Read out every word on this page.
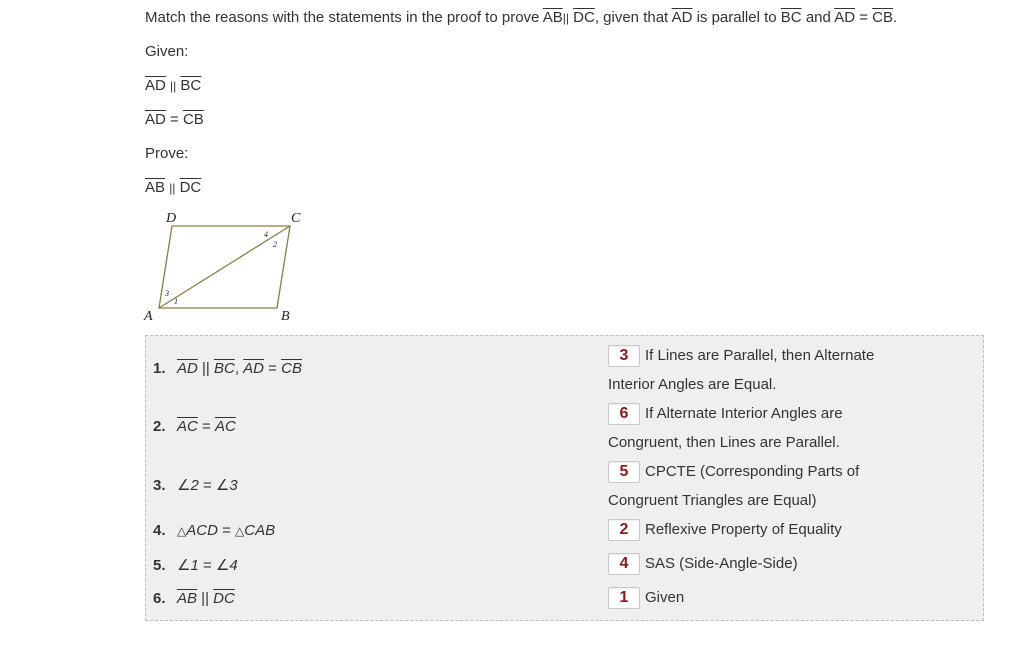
Match the reasons with the statements in the proof to prove $\overline{AB}||$ $\overline{DC}$, given that $\overline{AD}$ is parallel to $\overline{BC}$ and $\overline{AD} = \overline{CB}$.
Given:
$\overline{AD}$ || $\overline{BC}$
$\overline{AD} = \overline{CB}$
Prove:
$\overline{AB}$ || $\overline{DC}$
D	C
A	B
1
2
3
4
1. $\overline{AD}$ || $\overline{BC}$, $\overline{AD} = \overline{CB}$
2. $\overline{AC} = \overline{AC}$
3. ∠2 = ∠3
4. △ACD = △CAB
5. ∠1 = ∠4
6. $\overline{AB}$ || $\overline{DC}$
3 If Lines are Parallel, then Alternate Interior Angles are Equal.
6 If Alternate Interior Angles are Congruent, then Lines are Parallel.
5 CPCTE (Corresponding Parts of Congruent Triangles are Equal)
2 Reflexive Property of Equality
4 SAS (Side-Angle-Side)
1 Given
